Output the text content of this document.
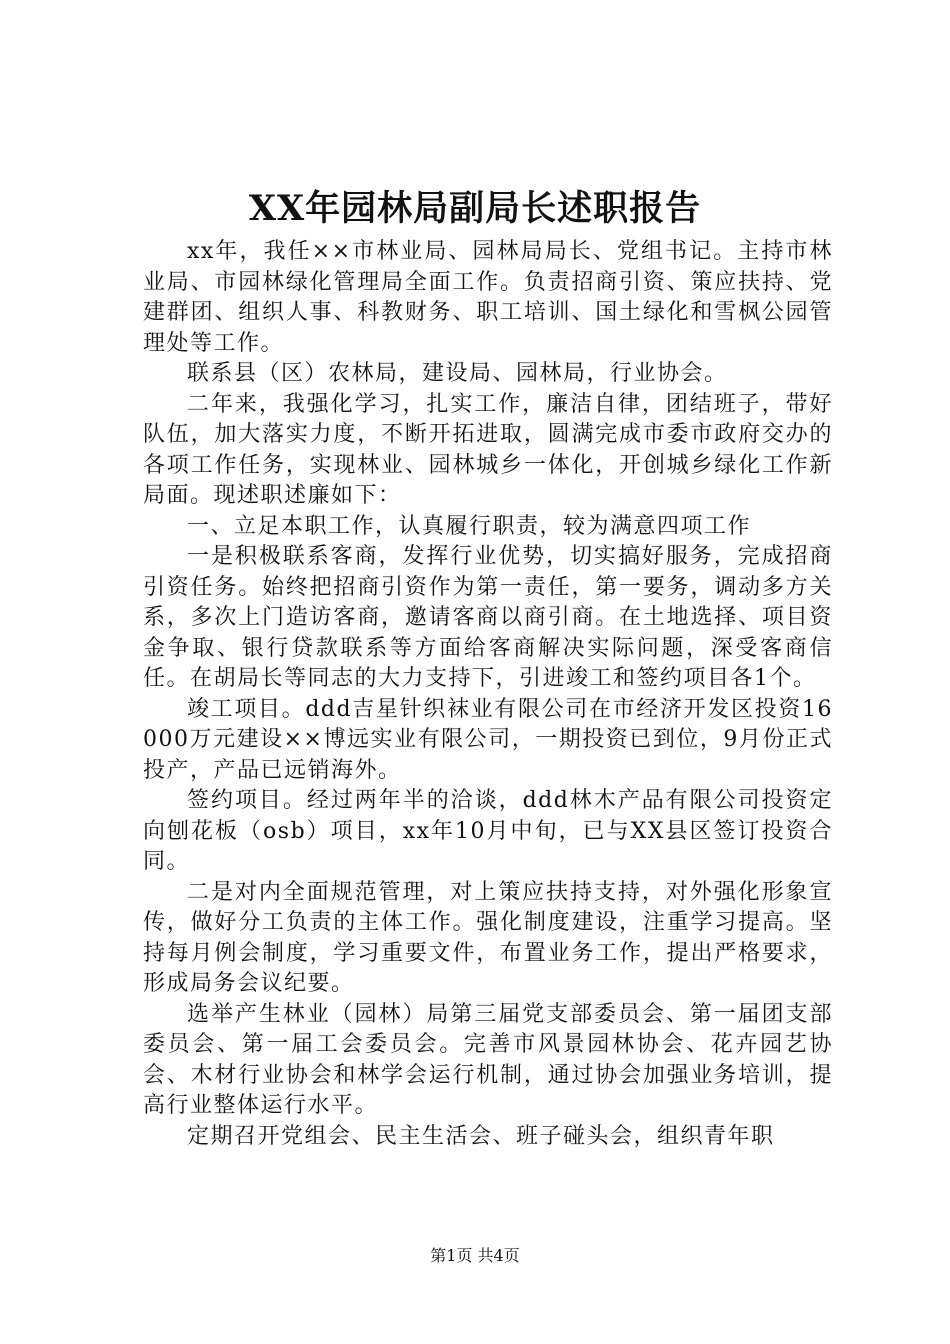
XX年园林局副局长述职报告

xx年，我任××市林业局、园林局局长、党组书记。主持市林业局、市园林绿化管理局全面工作。负责招商引资、策应扶持、党建群团、组织人事、科教财务、职工培训、国土绿化和雪枫公园管理处等工作。

联系县（区）农林局，建设局、园林局，行业协会。

二年来，我强化学习，扎实工作，廉洁自律，团结班子，带好队伍，加大落实力度，不断开拓进取，圆满完成市委市政府交办的各项工作任务，实现林业、园林城乡一体化，开创城乡绿化工作新局面。现述职述廉如下：

一、立足本职工作，认真履行职责，较为满意四项工作

一是积极联系客商，发挥行业优势，切实搞好服务，完成招商引资任务。始终把招商引资作为第一责任，第一要务，调动多方关系，多次上门造访客商，邀请客商以商引商。在土地选择、项目资金争取、银行贷款联系等方面给客商解决实际问题，深受客商信任。在胡局长等同志的大力支持下，引进竣工和签约项目各1个。

竣工项目。ddd吉星针织袜业有限公司在市经济开发区投资16000万元建设××博远实业有限公司，一期投资已到位，9月份正式投产，产品已远销海外。

签约项目。经过两年半的洽谈，ddd林木产品有限公司投资定向刨花板（osb）项目，xx年10月中旬，已与XX县区签订投资合同。

二是对内全面规范管理，对上策应扶持支持，对外强化形象宣传，做好分工负责的主体工作。强化制度建设，注重学习提高。坚持每月例会制度，学习重要文件，布置业务工作，提出严格要求，形成局务会议纪要。

选举产生林业（园林）局第三届党支部委员会、第一届团支部委员会、第一届工会委员会。完善市风景园林协会、花卉园艺协会、木材行业协会和林学会运行机制，通过协会加强业务培训，提高行业整体运行水平。

定期召开党组会、民主生活会、班子碰头会，组织青年职

第1页 共4页
